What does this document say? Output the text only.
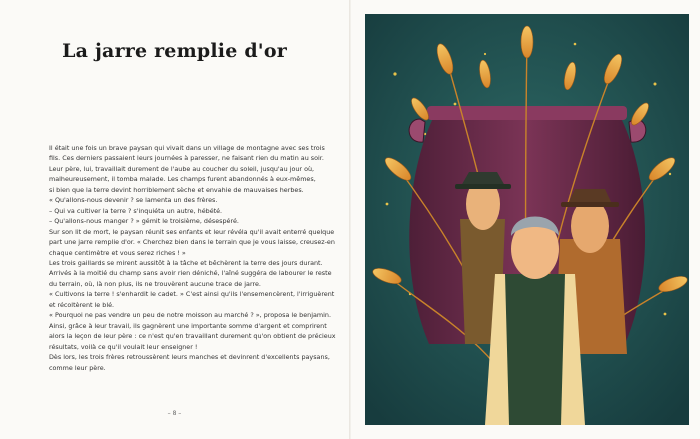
La jarre remplie d'or
Il était une fois un brave paysan qui vivait dans un village de montagne avec ses trois
fils. Ces derniers passaient leurs journées à paresser, ne faisant rien du matin au soir.
Leur père, lui, travaillait durement de l'aube au coucher du soleil, jusqu'au jour où,
malheureusement, il tomba malade. Les champs furent abandonnés à eux-mêmes,
si bien que la terre devint horriblement sèche et envahie de mauvaises herbes.
« Qu'allons-nous devenir ? se lamenta un des frères.
– Qui va cultiver la terre ? s'inquiéta un autre, hébété.
– Qu'allons-nous manger ? » gémit le troisième, désespéré.
Sur son lit de mort, le paysan réunit ses enfants et leur révéla qu'il avait enterré quelque
part une jarre remplie d'or. « Cherchez bien dans le terrain que je vous laisse, creusez-en
chaque centimètre et vous serez riches ! »
Les trois gaillards se mirent aussitôt à la tâche et bêchèrent la terre des jours durant.
Arrivés à la moitié du champ sans avoir rien déniché, l'aîné suggéra de labourer le reste
du terrain, où, là non plus, ils ne trouvèrent aucune trace de jarre.
« Cultivons la terre ! s'enhardit le cadet. » C'est ainsi qu'ils l'ensemencèrent, l'irriguèrent
et récoltèrent le blé.
« Pourquoi ne pas vendre un peu de notre moisson au marché ? », proposa le benjamin.
Ainsi, grâce à leur travail, ils gagnèrent une importante somme d'argent et comprirent
alors la leçon de leur père : ce n'est qu'en travaillant durement qu'on obtient de précieux
résultats, voilà ce qu'il voulait leur enseigner !
Dès lors, les trois frères retroussèrent leurs manches et devinrent d'excellents paysans,
comme leur père.
– 8 –
